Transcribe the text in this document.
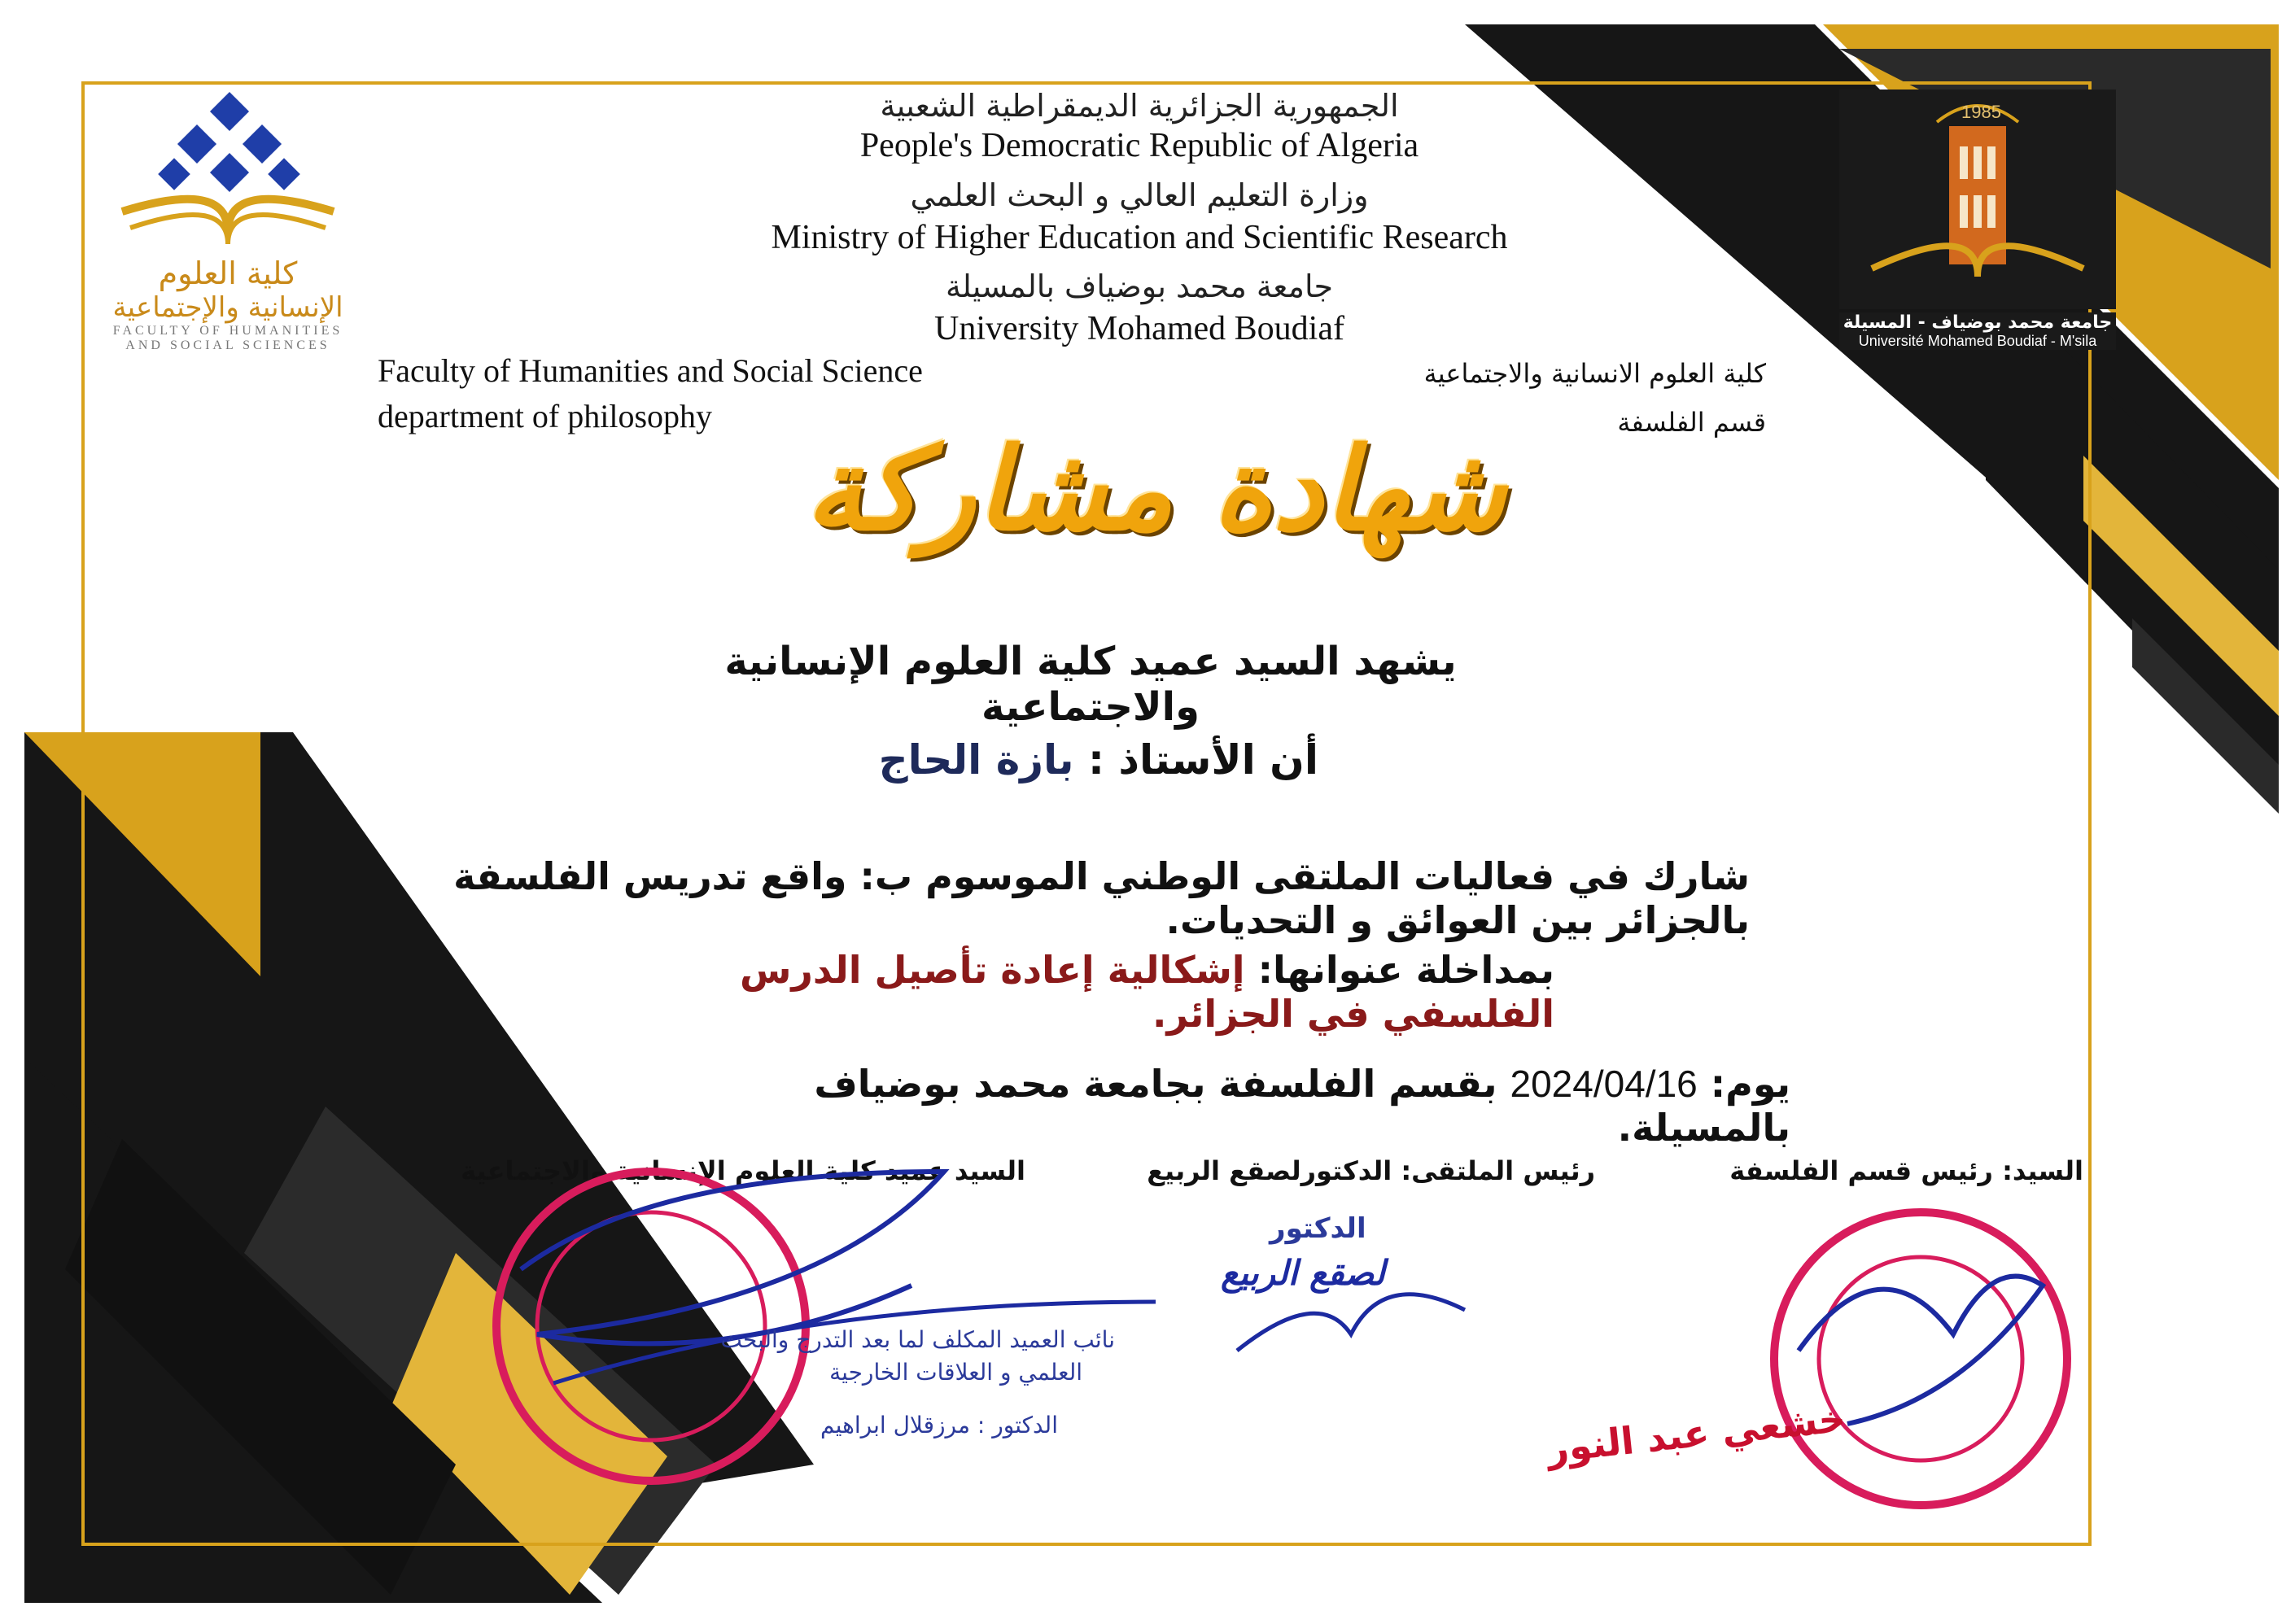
كلية العلوم
الإنسانية والإجتماعية
FACULTY OF HUMANITIES
AND SOCIAL SCIENCES
1985
جامعة محمد بوضياف - المسيلة
Université Mohamed Boudiaf - M'sila
الجمهورية الجزائرية الديمقراطية الشعبية
People's Democratic Republic of Algeria
وزارة التعليم العالي و البحث العلمي
Ministry of Higher Education and Scientific Research
جامعة محمد بوضياف بالمسيلة
University Mohamed Boudiaf
Faculty of Humanities and Social Science
department of philosophy
كلية العلوم الانسانية والاجتماعية
قسم الفلسفة
شهادة مشاركة
يشهد السيد عميد كلية العلوم الإنسانية والاجتماعية
أن الأستاذ : بازة الحاج
شارك في فعاليات الملتقى الوطني الموسوم ب: واقع تدريس الفلسفة بالجزائر بين العوائق و التحديات.
بمداخلة عنوانها: إشكالية إعادة تأصيل الدرس الفلسفي في الجزائر.
يوم: 2024/04/16 بقسم الفلسفة بجامعة محمد بوضياف بالمسيلة.
السيد: رئيس قسم الفلسفة
رئيس الملتقى: الدكتورلصقع الربيع
السيد عميد كلية العلوم الإنسانية والاجتماعية
نائب العميد المكلف لما بعد التدرج والبحث
العلمي و العلاقات الخارجية
الدكتور : مرزقلال ابراهيم
الدكتور
لصقع الربيع
خشعي عبد النور
